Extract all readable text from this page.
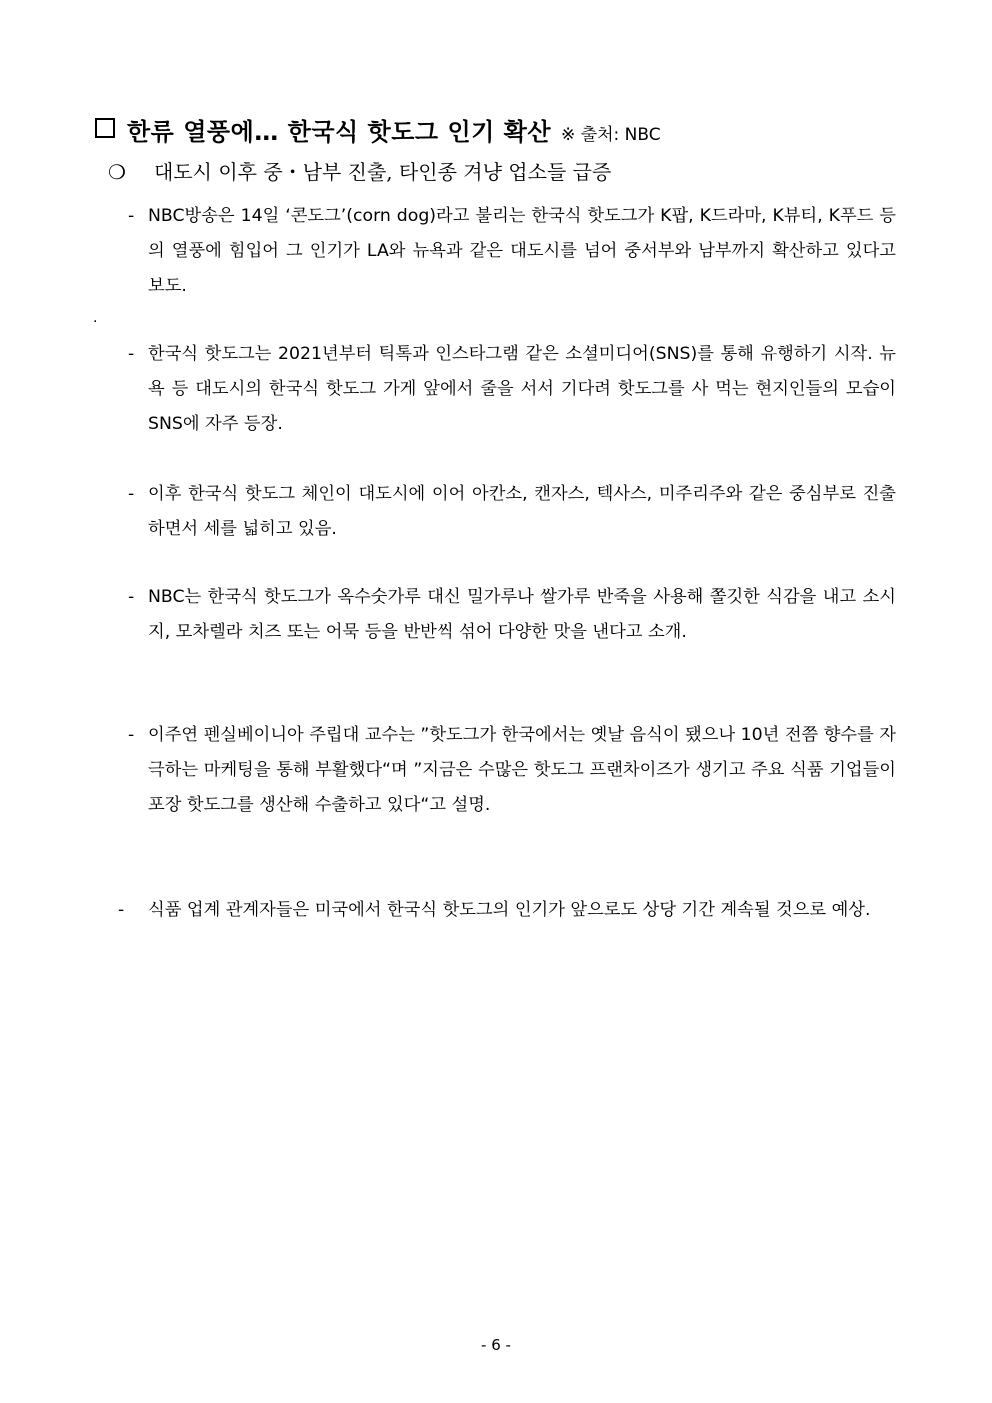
한류 열풍에… 한국식 핫도그 인기 확산 ※ 출처: NBC
❍ 대도시 이후 중・남부 진출, 타인종 겨냥 업소들 급증
- NBC방송은 14일 ‘콘도그’(corn dog)라고 불리는 한국식 핫도그가 K팝, K드라마, K뷰티, K푸드 등의 열풍에 힘입어 그 인기가 LA와 뉴욕과 같은 대도시를 넘어 중서부와 남부까지 확산하고 있다고 보도.
.
- 한국식 핫도그는 2021년부터 틱톡과 인스타그램 같은 소셜미디어(SNS)를 통해 유행하기 시작. 뉴욕 등 대도시의 한국식 핫도그 가게 앞에서 줄을 서서 기다려 핫도그를 사 먹는 현지인들의 모습이 SNS에 자주 등장.
- 이후 한국식 핫도그 체인이 대도시에 이어 아칸소, 캔자스, 텍사스, 미주리주와 같은 중심부로 진출하면서 세를 넓히고 있음.
- NBC는 한국식 핫도그가 옥수숫가루 대신 밀가루나 쌀가루 반죽을 사용해 쫄깃한 식감을 내고 소시지, 모차렐라 치즈 또는 어묵 등을 반반씩 섞어 다양한 맛을 낸다고 소개.
- 이주연 펜실베이니아 주립대 교수는 ”핫도그가 한국에서는 옛날 음식이 됐으나 10년 전쯤 향수를 자극하는 마케팅을 통해 부활했다“며 ”지금은 수많은 핫도그 프랜차이즈가 생기고 주요 식품 기업들이 포장 핫도그를 생산해 수출하고 있다“고 설명.
- 식품 업계 관계자들은 미국에서 한국식 핫도그의 인기가 앞으로도 상당 기간 계속될 것으로 예상.
- 6 -
